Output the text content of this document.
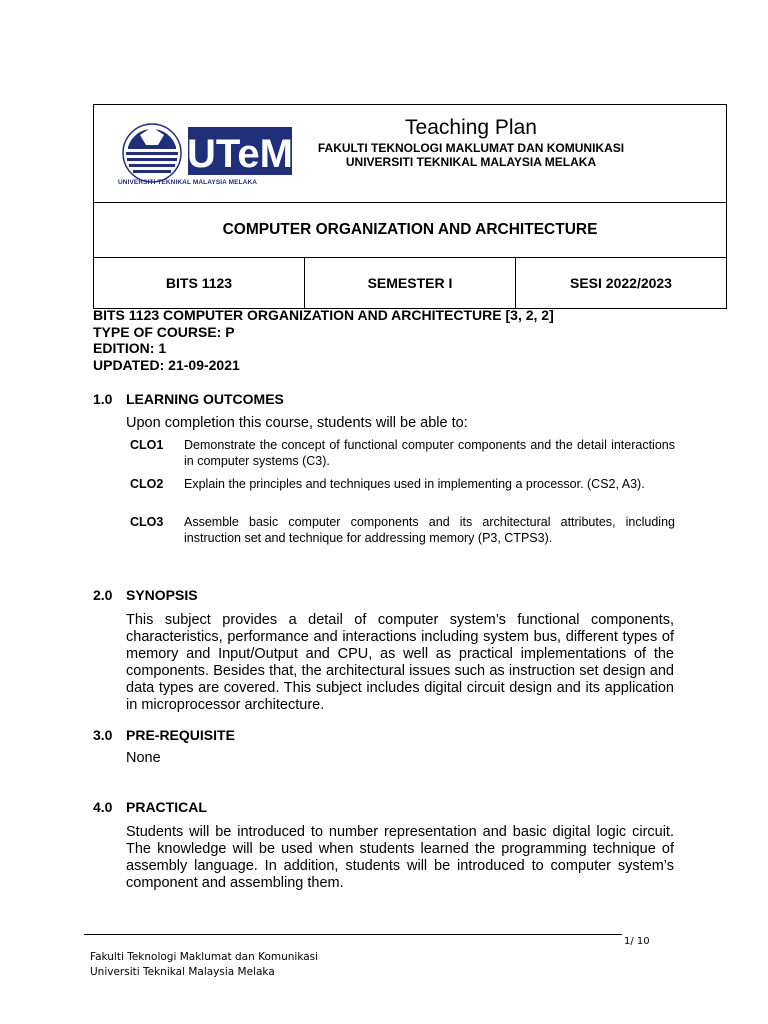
UTeM
UNIVERSITI TEKNIKAL MALAYSIA MELAKA
Teaching Plan
FAKULTI TEKNOLOGI MAKLUMAT DAN KOMUNIKASI
UNIVERSITI TEKNIKAL MALAYSIA MELAKA
COMPUTER ORGANIZATION AND ARCHITECTURE
BITS 1123	SEMESTER I	SESI 2022/2023
BITS 1123 COMPUTER ORGANIZATION AND ARCHITECTURE [3, 2, 2]
TYPE OF COURSE: P
EDITION: 1
UPDATED: 21-09-2021
1.0 LEARNING OUTCOMES
Upon completion this course, students will be able to:
CLO1	Demonstrate the concept of functional computer components and the detail interactions in computer systems (C3).
CLO2	Explain the principles and techniques used in implementing a processor. (CS2, A3).
CLO3	Assemble basic computer components and its architectural attributes, including instruction set and technique for addressing memory (P3, CTPS3).
2.0 SYNOPSIS
This subject provides a detail of computer system’s functional components, characteristics, performance and interactions including system bus, different types of memory and Input/Output and CPU, as well as practical implementations of the components. Besides that, the architectural issues such as instruction set design and data types are covered. This subject includes digital circuit design and its application in microprocessor architecture.
3.0 PRE-REQUISITE
None
4.0 PRACTICAL
Students will be introduced to number representation and basic digital logic circuit. The knowledge will be used when students learned the programming technique of assembly language. In addition, students will be introduced to computer system’s component and assembling them.
1/ 10
Fakulti Teknologi Maklumat dan Komunikasi
Universiti Teknikal Malaysia Melaka
